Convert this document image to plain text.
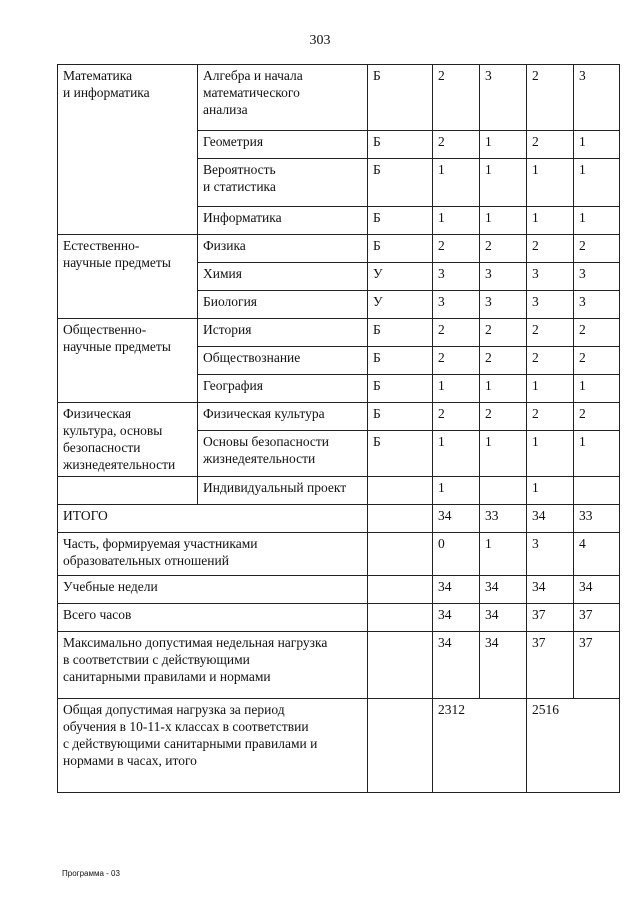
303
Математика
и информатика	Алгебра и начала
математического
анализа	Б	2	3	2	3
	Геометрия	Б	2	1	2	1
	Вероятность
и статистика	Б	1	1	1	1
	Информатика	Б	1	1	1	1
Естественно-
научные предметы	Физика	Б	2	2	2	2
	Химия	У	3	3	3	3
	Биология	У	3	3	3	3
Общественно-
научные предметы	История	Б	2	2	2	2
	Обществознание	Б	2	2	2	2
	География	Б	1	1	1	1
Физическая
культура, основы
безопасности
жизнедеятельности	Физическая культура	Б	2	2	2	2
	Основы безопасности
жизнедеятельности	Б	1	1	1	1
	Индивидуальный проект		1		1	
ИТОГО			34	33	34	33
Часть, формируемая участниками
образовательных отношений			0	1	3	4
Учебные недели			34	34	34	34
Всего часов			34	34	37	37
Максимально допустимая недельная нагрузка
в соответствии с действующими
санитарными правилами и нормами			34	34	37	37
Общая допустимая нагрузка за период
обучения в 10-11-х классах в соответствии
с действующими санитарными правилами и
нормами в часах, итого			2312		2516	
Программа - 03
